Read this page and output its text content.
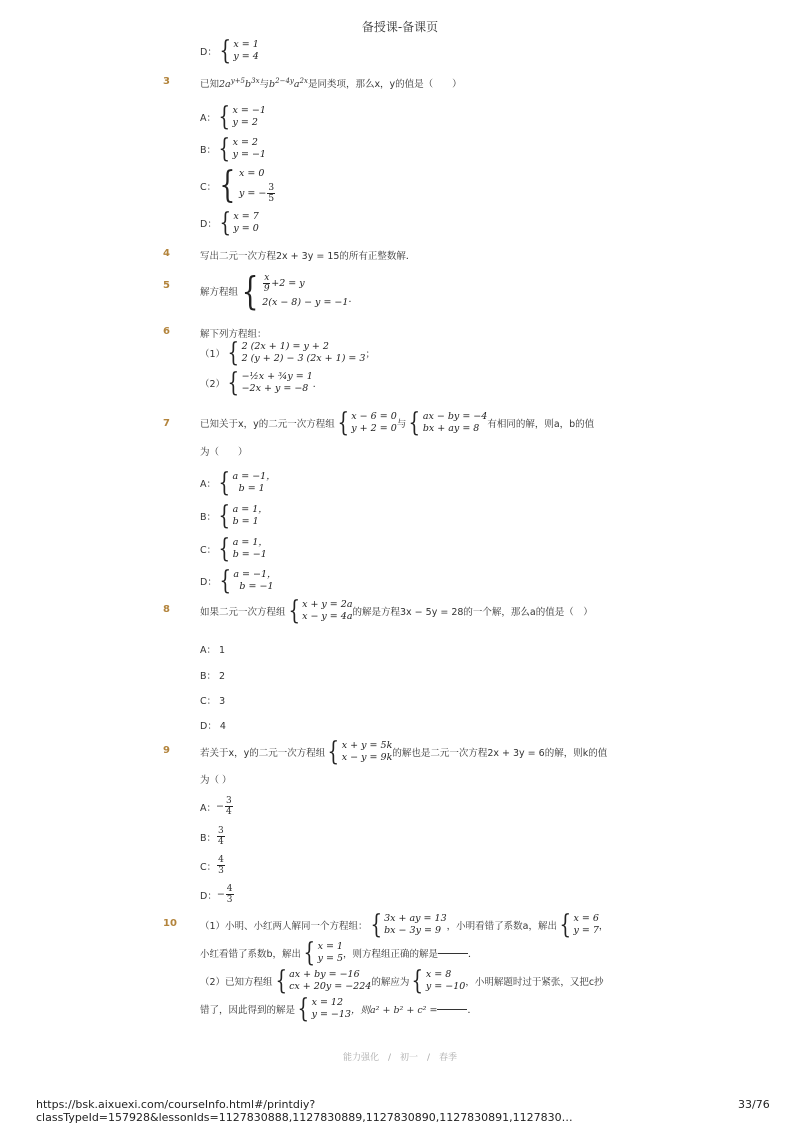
备授课-备课页
D： { x = 1
y = 4
3	已知$2a^{y+5}b^{3x}$与$b^{2-4y}a^{2x}$是同类项，那么x，y的值是（　　）
A： { x = −1
y = 2
B： { x = 2
y = −1
C： { x = 0
y = − $\frac{3}{5}$
D： { x = 7
y = 0
4	写出二元一次方程2x + 3y = 15的所有正整数解．
5
解方程组 { $\frac{x}{9} +2 = y$
2(x − 8) − y = −1 ．
6	解下列方程组：
（1） { 2 (2x + 1) = y + 2
2 (y + 2) − 3 (2x + 1) = 3 ；
（2） { −½x + ¾y = 1
−2x + y = −8 ．
7	已知关于x，y的二元一次方程组 { x − 6 = 0
y + 2 = 0 与 { ax − by = −4
bx + ay = 8 有相同的解，则a，b的值
为（　　）
A： { a = −1，
b = 1
B： { a = 1，
b = 1
C： { a = 1，
b = −1
D： { a = −1，
b = −1
8	如果二元一次方程组 { x + y = 2a
x − y = 4a 的解是方程3x − 5y = 28的一个解，那么a的值是（　）
A： 1
B： 2
C： 3
D： 4
9	若关于x，y的二元一次方程组 { x + y = 5k
x − y = 9k 的解也是二元一次方程2x + 3y = 6的解，则k的值
为（ ）
A： − $\frac{3}{4}$
B： $\frac{3}{4}$
C： $\frac{4}{3}$
D： − $\frac{4}{3}$
10 （1）小明、小红两人解同一个方程组： { 3x + ay = 13
bx − 3y = 9 ，小明看错了系数a，解出 { x = 6
y = 7 ，
小红看错了系数b，解出 { x = 1
y = 5 ，则方程组正确的解是	．
（2）已知方程组 { ax + by = −16
cx + 20y = −224 的解应为 { x = 8
y = −10 ，小明解题时过于紧张，又把c抄
错了，因此得到的解是 { x = 12
y = −13 ，则a² + b² + c² =	．
能力强化　/　初一　/　春季
https://bsk.aixuexi.com/courseInfo.html#/printdiy?classTypeId=157928&lessonIds=1127830888,1127830889,1127830890,1127830891,1127830…
33/76
